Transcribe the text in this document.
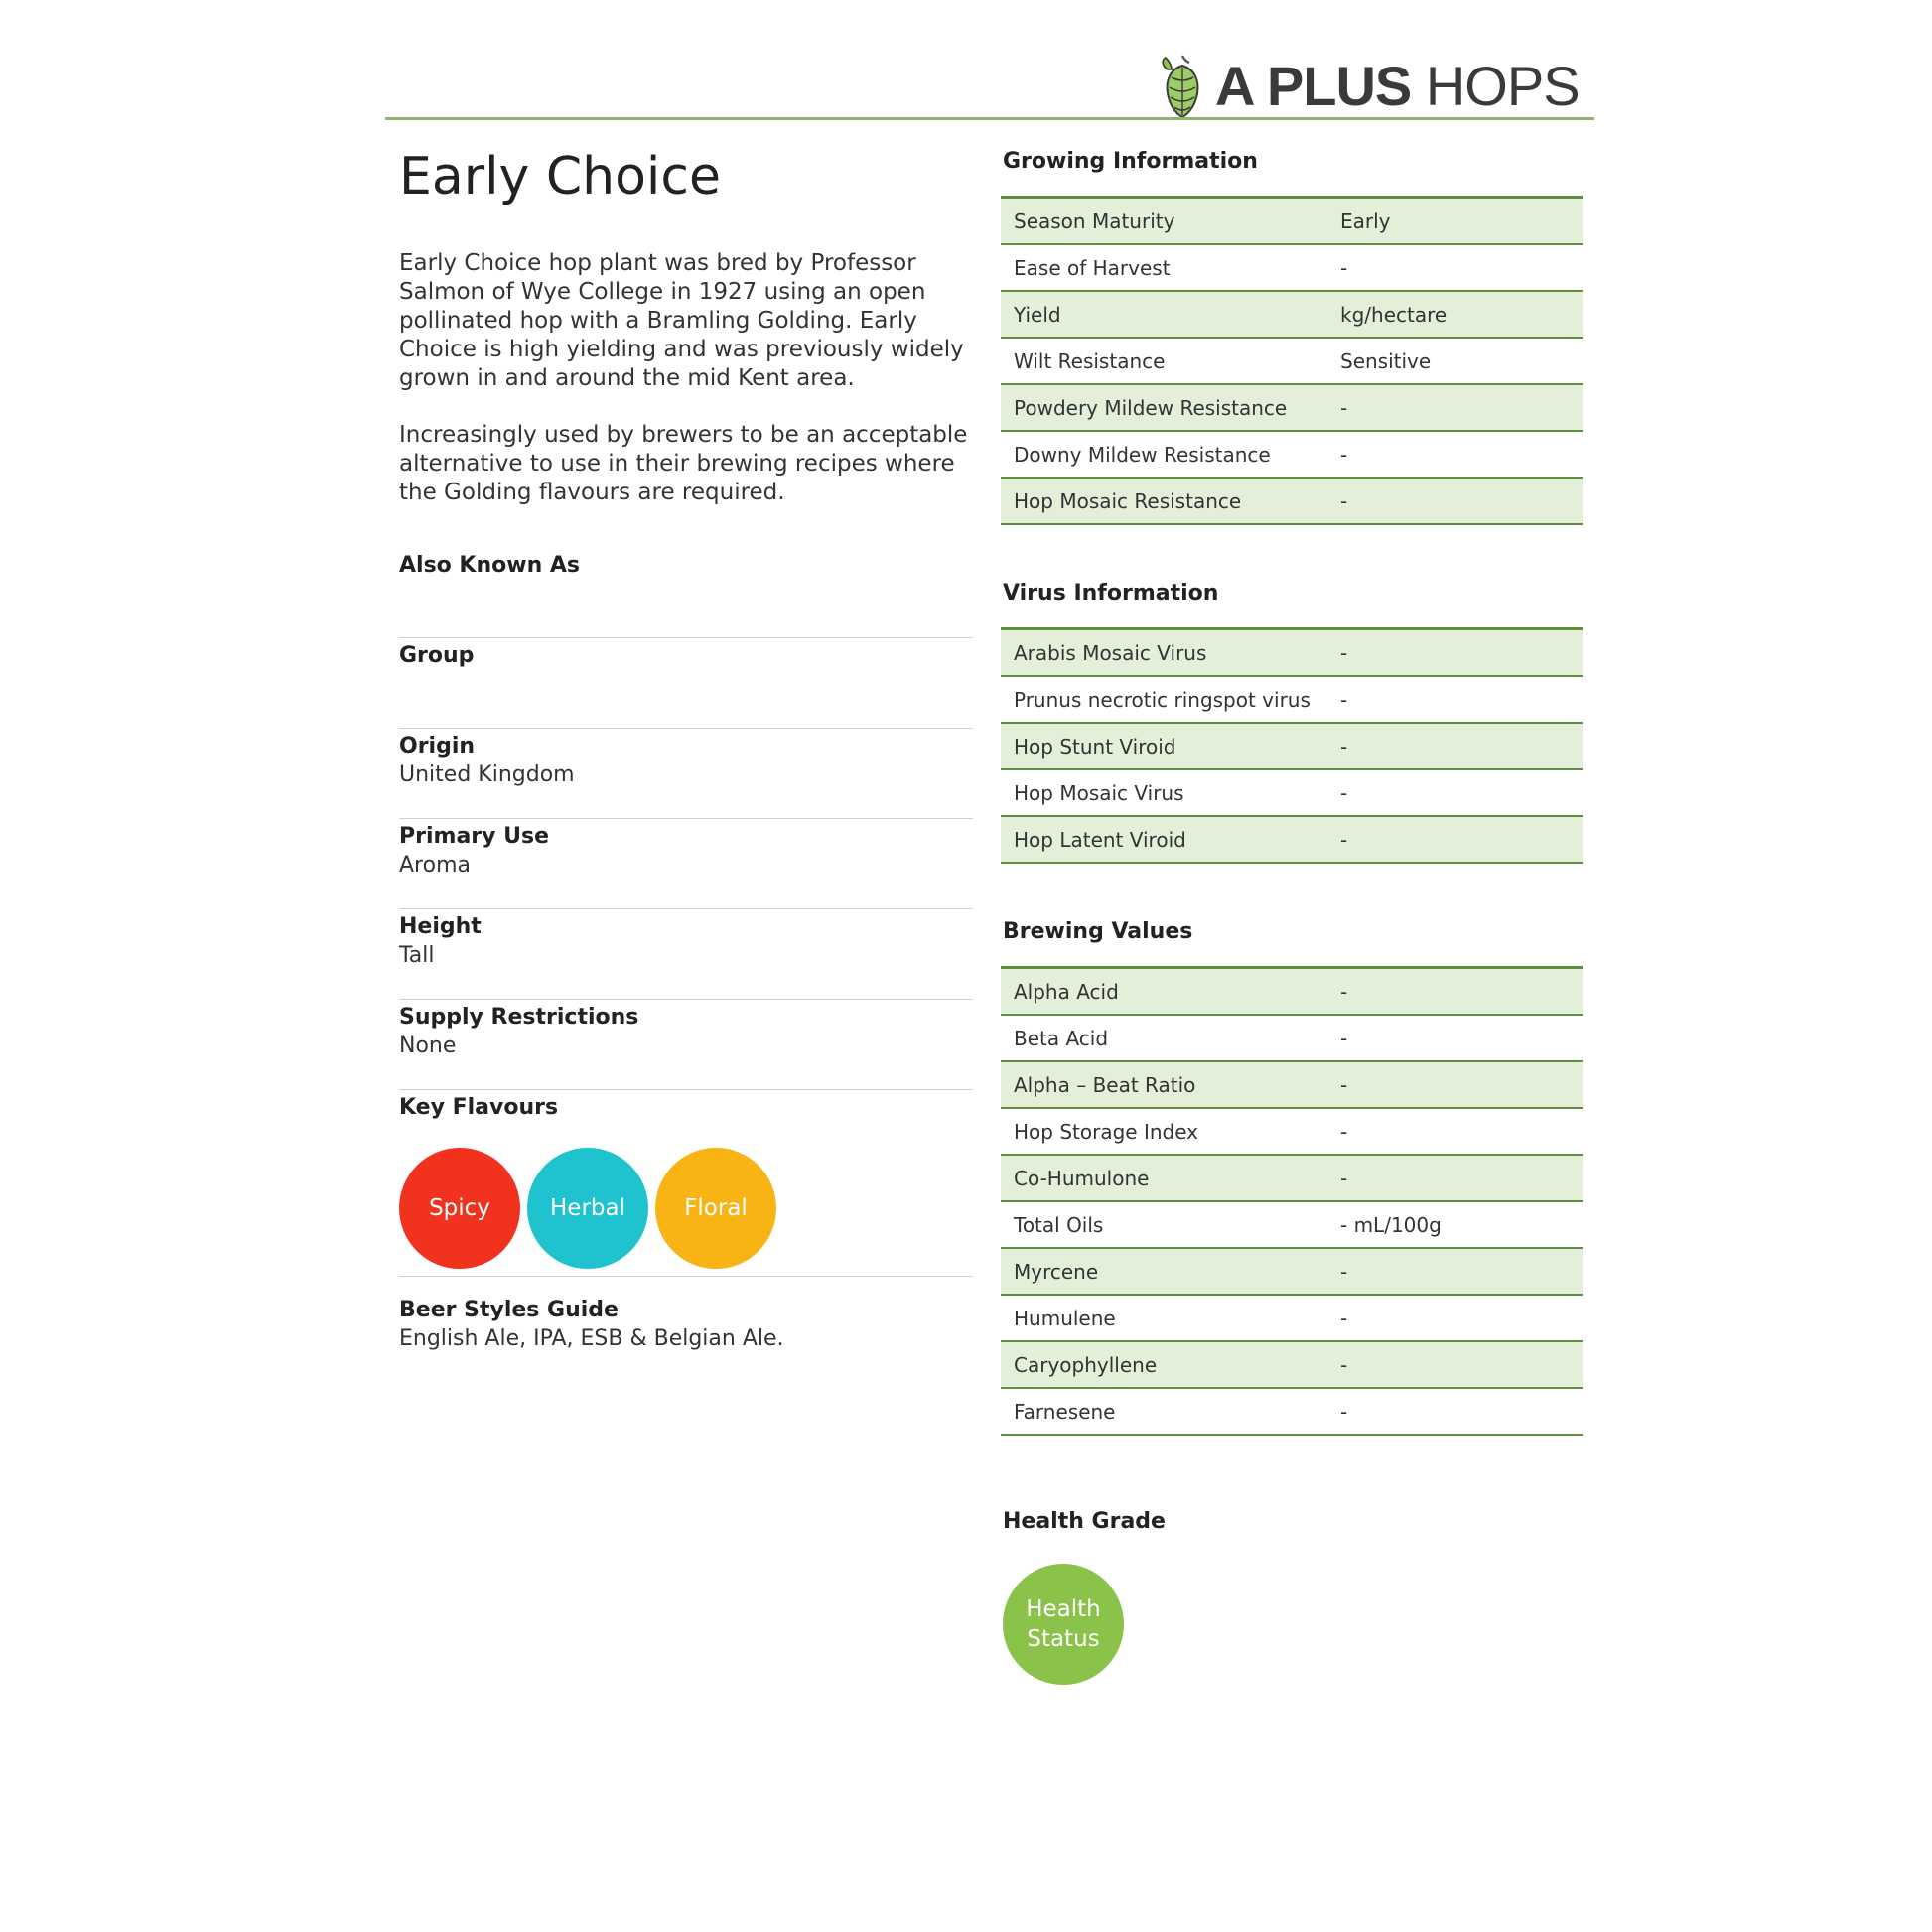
A PLUS HOPS
Early Choice

Early Choice hop plant was bred by Professor Salmon of Wye College in 1927 using an open pollinated hop with a Bramling Golding. Early Choice is high yielding and was previously widely grown in and around the mid Kent area.

Increasingly used by brewers to be an acceptable alternative to use in their brewing recipes where the Golding flavours are required.

Also Known As
Group
Origin
United Kingdom
Primary Use
Aroma
Height
Tall
Supply Restrictions
None
Key Flavours
Spicy	Herbal	Floral
Beer Styles Guide
English Ale, IPA, ESB & Belgian Ale.
Growing Information
Season Maturity	Early
Ease of Harvest	-
Yield	kg/hectare
Wilt Resistance	Sensitive
Powdery Mildew Resistance	-
Downy Mildew Resistance	-
Hop Mosaic Resistance	-
Virus Information
Arabis Mosaic Virus	-
Prunus necrotic ringspot virus	-
Hop Stunt Viroid	-
Hop Mosaic Virus	-
Hop Latent Viroid	-
Brewing Values
Alpha Acid	-
Beta Acid	-
Alpha – Beat Ratio	-
Hop Storage Index	-
Co-Humulone	-
Total Oils	- mL/100g
Myrcene	-
Humulene	-
Caryophyllene	-
Farnesene	-
Health Grade
Health
Status
